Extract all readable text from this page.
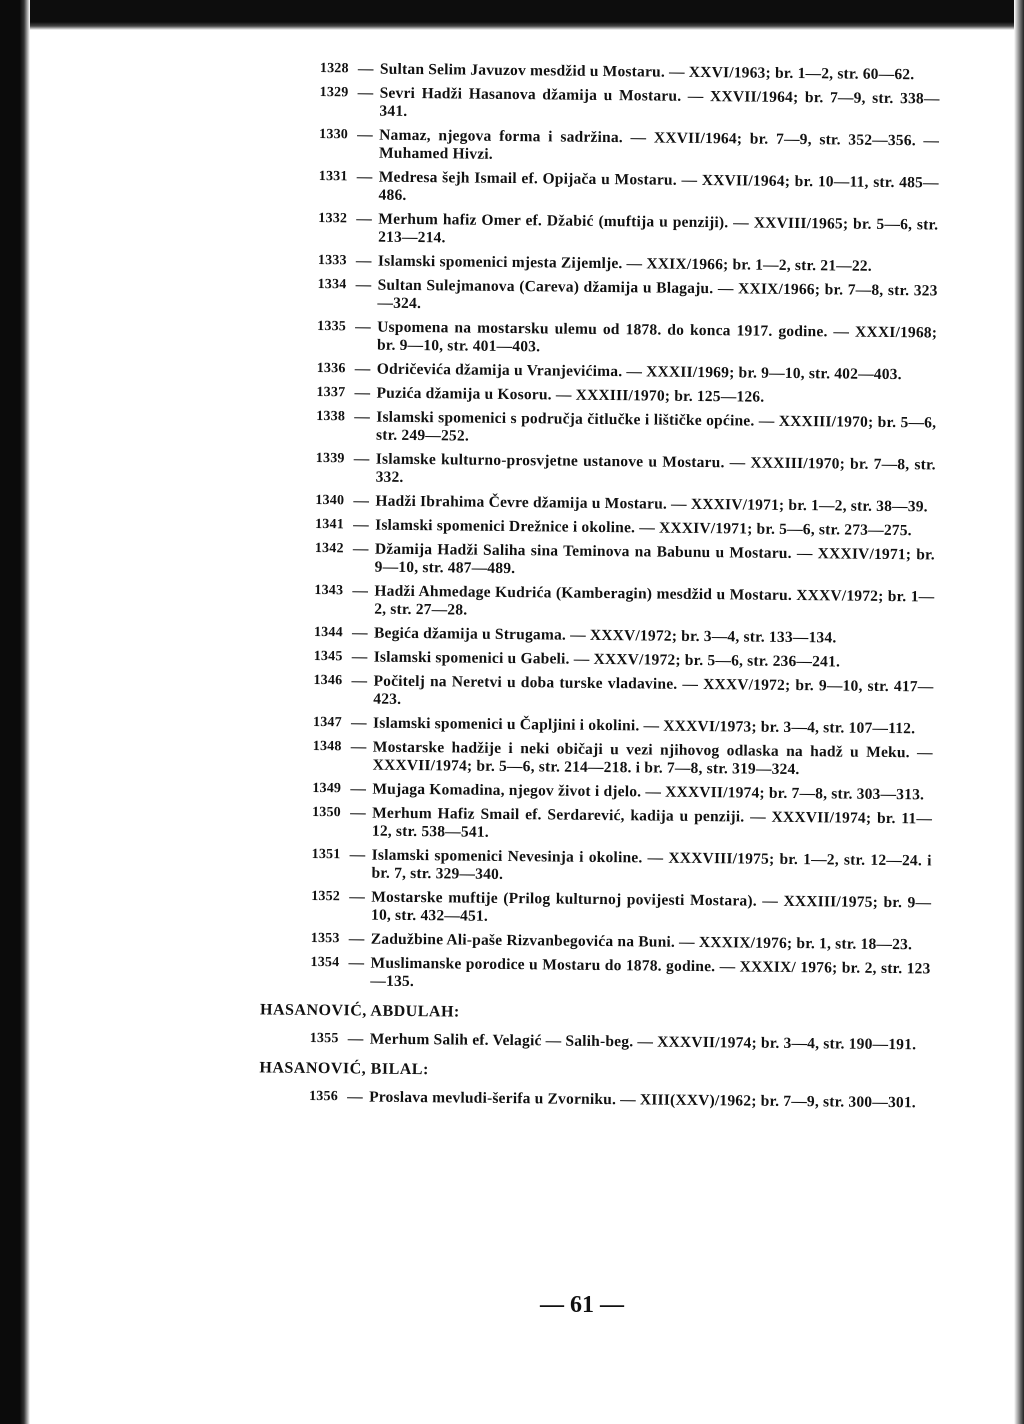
1328 — Sultan Selim Javuzov mesdžid u Mostaru. — XXVI/1963; br. 1—2, str. 60—62.
1329 — Sevri Hadži Hasanova džamija u Mostaru. — XXVII/1964; br. 7—9, str. 338—341.
1330 — Namaz, njegova forma i sadržina. — XXVII/1964; br. 7—9, str. 352—356. — Muhamed Hivzi.
1331 — Medresa šejh Ismail ef. Opijača u Mostaru. — XXVII/1964; br. 10—11, str. 485—486.
1332 — Merhum hafiz Omer ef. Džabić (muftija u penziji). — XXVIII/1965; br. 5—6, str. 213—214.
1333 — Islamski spomenici mjesta Zijemlje. — XXIX/1966; br. 1—2, str. 21—22.
1334 — Sultan Sulejmanova (Careva) džamija u Blagaju. — XXIX/1966; br. 7—8, str. 323—324.
1335 — Uspomena na mostarsku ulemu od 1878. do konca 1917. godine. — XXXI/1968; br. 9—10, str. 401—403.
1336 — Odričevića džamija u Vranjevićima. — XXXII/1969; br. 9—10, str. 402—403.
1337 — Puzića džamija u Kosoru. — XXXIII/1970; br. 125—126.
1338 — Islamski spomenici s područja čitlučke i lištičke općine. — XXXIII/1970; br. 5—6, str. 249—252.
1339 — Islamske kulturno-prosvjetne ustanove u Mostaru. — XXXIII/1970; br. 7—8, str. 332.
1340 — Hadži Ibrahima Čevre džamija u Mostaru. — XXXIV/1971; br. 1—2, str. 38—39.
1341 — Islamski spomenici Drežnice i okoline. — XXXIV/1971; br. 5—6, str. 273—275.
1342 — Džamija Hadži Saliha sina Teminova na Babunu u Mostaru. — XXXIV/1971; br. 9—10, str. 487—489.
1343 — Hadži Ahmedage Kudrića (Kamberagin) mesdžid u Mostaru. XXXV/1972; br. 1—2, str. 27—28.
1344 — Begića džamija u Strugama. — XXXV/1972; br. 3—4, str. 133—134.
1345 — Islamski spomenici u Gabeli. — XXXV/1972; br. 5—6, str. 236—241.
1346 — Počitelj na Neretvi u doba turske vladavine. — XXXV/1972; br. 9—10, str. 417—423.
1347 — Islamski spomenici u Čapljini i okolini. — XXXVI/1973; br. 3—4, str. 107—112.
1348 — Mostarske hadžije i neki običaji u vezi njihovog odlaska na hadž u Meku. — XXXVII/1974; br. 5—6, str. 214—218. i br. 7—8, str. 319—324.
1349 — Mujaga Komadina, njegov život i djelo. — XXXVII/1974; br. 7—8, str. 303—313.
1350 — Merhum Hafiz Smail ef. Serdarević, kadija u penziji. — XXXVII/1974; br. 11—12, str. 538—541.
1351 — Islamski spomenici Nevesinja i okoline. — XXXVIII/1975; br. 1—2, str. 12—24. i br. 7, str. 329—340.
1352 — Mostarske muftije (Prilog kulturnoj povijesti Mostara). — XXXIII/1975; br. 9—10, str. 432—451.
1353 — Zadužbine Ali-paše Rizvanbegovića na Buni. — XXXIX/1976; br. 1, str. 18—23.
1354 — Muslimanske porodice u Mostaru do 1878. godine. — XXXIX/ 1976; br. 2, str. 123—135.
HASANOVIĆ, ABDULAH:
1355 — Merhum Salih ef. Velagić — Salih-beg. — XXXVII/1974; br. 3—4, str. 190—191.
HASANOVIĆ, BILAL:
1356 — Proslava mevludi-šerifa u Zvorniku. — XIII(XXV)/1962; br. 7—9, str. 300—301.
— 61 —
